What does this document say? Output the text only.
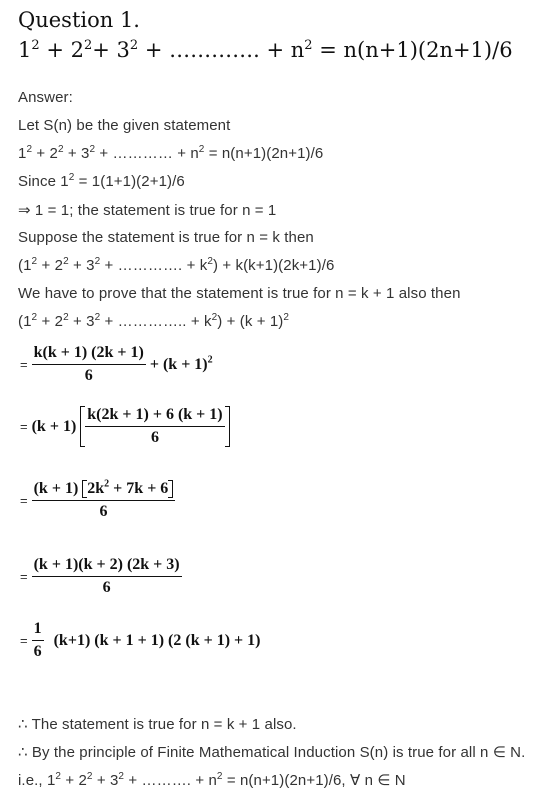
Question 1.
$1^2 + 2^2+ 3^2$ + …………. + $n^2 = n(n+1)(2n+1)/6$
Answer:
Let S(n) be the given statement
$1^2 + 2^2 + 3^2$ + ………… + $n^2 = n(n+1)(2n+1)/6$
Since $1^2 = 1(1+1)(2+1)/6$
⇒ 1 = 1; the statement is true for n = 1
Suppose the statement is true for n = k then
($1^2 + 2^2 + 3^2$ + …………. + $k^2) + k(k+1)(2k+1)/6$
We have to prove that the statement is true for n = k + 1 also then
($1^2 + 2^2 + 3^2$ + ………….. + $k^2) + (k + 1)^2$
= $\frac{k(k + 1) (2k + 1)}{6} + (k + 1)^2$
= $(k + 1) \frac{k(2k + 1) + 6 (k + 1)}{6}$
= $\frac{(k + 1) 2k^2 + 7k + 6}{6}$
= $\frac{(k + 1)(k + 2) (2k + 3)}{6}$
= $\frac{1}{6} (k+1) (k + 1 + 1)$ (2 (k + 1) + 1)
∴ The statement is true for n = k + 1 also.
∴ By the principle of Finite Mathematical Induction S(n) is true for all n ∈ N.
i.e., $1^2 + 2^2 + 3^2$ + ………. + $n^2 = n(n+1)(2n+1)/6$, ∀ n ∈ N
